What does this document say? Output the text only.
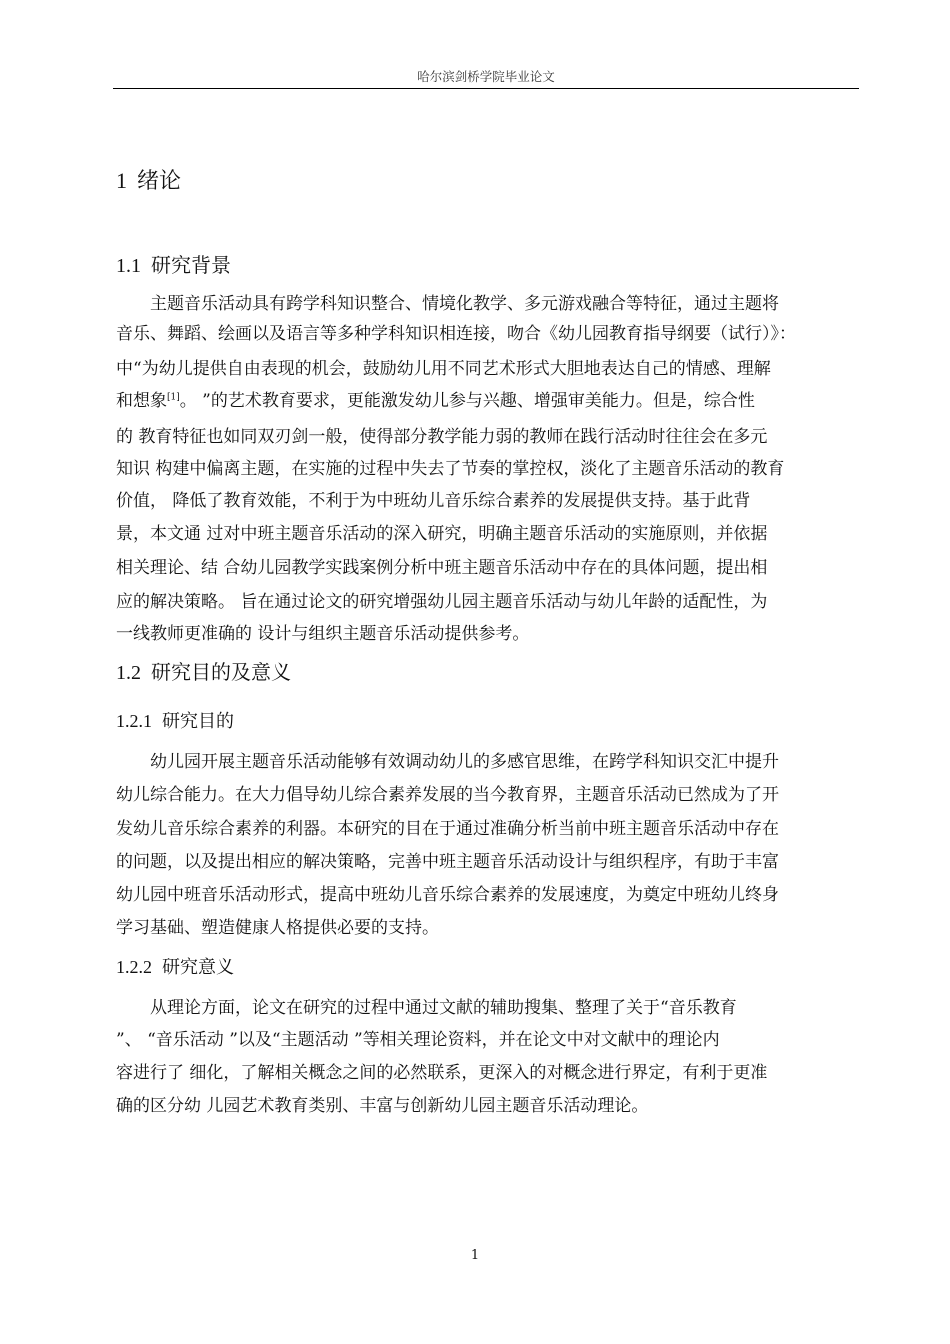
哈尔滨剑桥学院毕业论文
1 绪论
1.1 研究背景
主题音乐活动具有跨学科知识整合、情境化教学、多元游戏融合等特征，通过主题将
音乐、舞蹈、绘画以及语言等多种学科知识相连接，吻合《幼儿园教育指导纲要（试行）》：
中“为幼儿提供自由表现的机会，鼓励幼儿用不同艺术形式大胆地表达自己的情感、理解
和想象[1]。 ”的艺术教育要求，更能激发幼儿参与兴趣、增强审美能力。但是，综合性
的 教育特征也如同双刃剑一般，使得部分教学能力弱的教师在践行活动时往往会在多元
知识 构建中偏离主题，在实施的过程中失去了节奏的掌控权，淡化了主题音乐活动的教育
价值， 降低了教育效能，不利于为中班幼儿音乐综合素养的发展提供支持。基于此背
景，本文通 过对中班主题音乐活动的深入研究，明确主题音乐活动的实施原则，并依据
相关理论、结 合幼儿园教学实践案例分析中班主题音乐活动中存在的具体问题，提出相
应的解决策略。 旨在通过论文的研究增强幼儿园主题音乐活动与幼儿年龄的适配性，为
一线教师更准确的 设计与组织主题音乐活动提供参考。
1.2 研究目的及意义
1.2.1 研究目的
幼儿园开展主题音乐活动能够有效调动幼儿的多感官思维，在跨学科知识交汇中提升
幼儿综合能力。在大力倡导幼儿综合素养发展的当今教育界，主题音乐活动已然成为了开
发幼儿音乐综合素养的利器。本研究的目在于通过准确分析当前中班主题音乐活动中存在
的问题，以及提出相应的解决策略，完善中班主题音乐活动设计与组织程序，有助于丰富
幼儿园中班音乐活动形式，提高中班幼儿音乐综合素养的发展速度，为奠定中班幼儿终身
学习基础、塑造健康人格提供必要的支持。
1.2.2 研究意义
从理论方面，论文在研究的过程中通过文献的辅助搜集、整理了关于“音乐教育
”、 “音乐活动 ”以及“主题活动 ”等相关理论资料，并在论文中对文献中的理论内
容进行了 细化，了解相关概念之间的必然联系，更深入的对概念进行界定，有利于更准
确的区分幼 儿园艺术教育类别、丰富与创新幼儿园主题音乐活动理论。
1
